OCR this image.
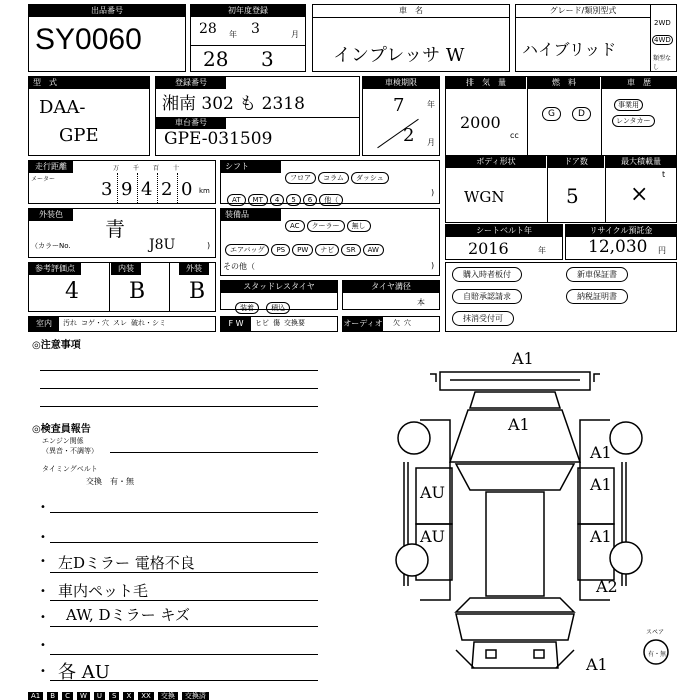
出品番号
SY0060
初年度登録
28 年 3	月
28 3
車　名
インプレッサ W
グレード/類別型式
ハイブリッド
2WD
4WD
類型なし
型　式
DAA-
GPE
登録番号
湘南 302 も 2318
車台番号
GPE-031509
車検期限
7	年
2 月
排　気　量	燃　料	車　歴
2000
cc
G	D
事業用
レンタカー
走行距離
メーター
km
3 9 4 2 0
万 千 百 十	シフト
フロア コラム ダッシュ
AT MT 4 5 6 他（
)
ボディ形状	ドア数	最大積載量
WGN	5
t
×
外装色
青
（カラーNo.	J8U	)
装備品
AC クーラー 無し
エアバッグ PS PW ナビ SR AW
その他（	)
シートベルト年
2016	年
リサイクル預託金
12,030 円
参考評価点	内装	外装
4 B B
購入時者板付	新車保証書
自賠承認請求	納税証明書
抹消受付可
スタッドレスタイヤ
装着 積込
タイヤ溝径
本
室内	汚れ コゲ・穴 スレ 破れ・シミ	F W	ヒビ 傷 交換要	オーディオ 欠 穴
◎注意事項
◎検査員報告
エンジン関係
（異音・不調等）
タイミングベルト
交換　有・無
•
•
•
•
•
•
•
左Dミラー 電格不良
車内ペット毛
AW, Dミラー キズ
各 AU
A1
A1
A1
A1
A1
A2
AU
AU
A1
スペア
有・無
A1	B	C	W	U	S	X	XX	交換	交換済
